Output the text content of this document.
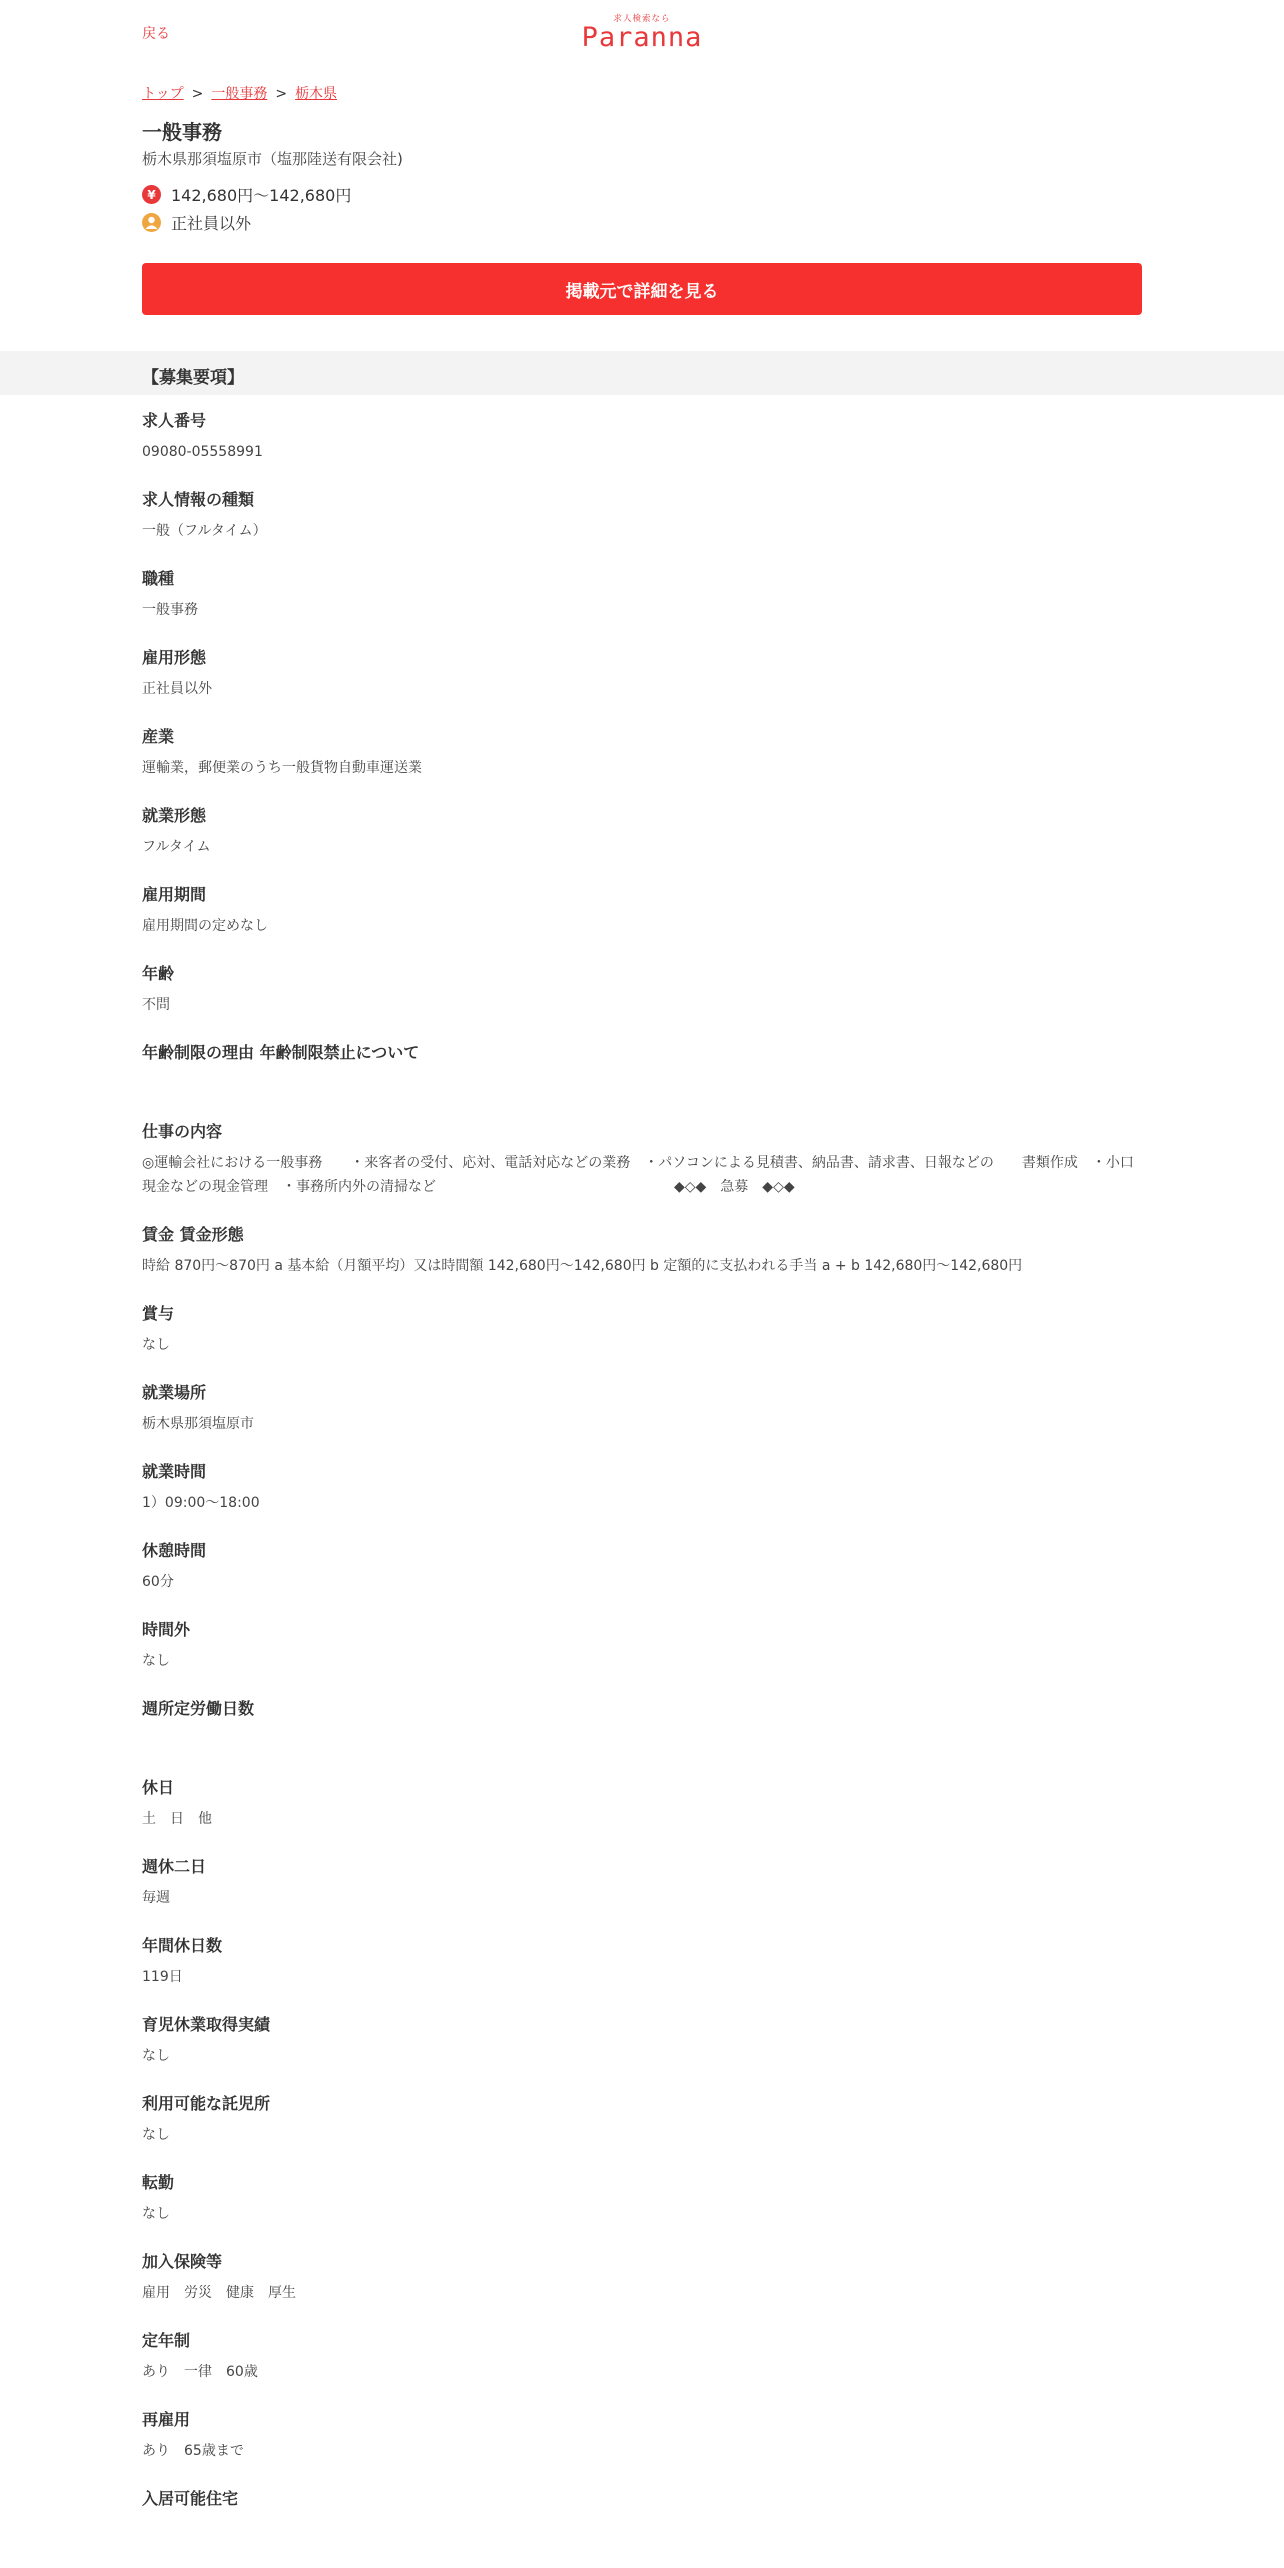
戻る
求人検索なら
Paranna
トップ > 一般事務 > 栃木県
一般事務
栃木県那須塩原市（塩那陸送有限会社)
¥ 142,680円～142,680円
正社員以外
掲載元で詳細を見る
【募集要項】
求人番号
09080-05558991
求人情報の種類
一般（フルタイム）
職種
一般事務
雇用形態
正社員以外
産業
運輸業，郵便業のうち一般貨物自動車運送業
就業形態
フルタイム
雇用期間
雇用期間の定めなし
年齢
不問
年齢制限の理由 年齢制限禁止について
仕事の内容
◎運輸会社における一般事務　　・来客者の受付、応対、電話対応などの業務　・パソコンによる見積書、納品書、請求書、日報などの　　書類作成　・小口現金などの現金管理　・事務所内外の清掃など　　　　　　　　　　　　　　　　　◆◇◆　急募　◆◇◆
賃金 賃金形態
時給 870円～870円 a 基本給（月額平均）又は時間額 142,680円～142,680円 b 定額的に支払われる手当 a + b 142,680円～142,680円
賞与
なし
就業場所
栃木県那須塩原市
就業時間
1）09:00～18:00
休憩時間
60分
時間外
なし
週所定労働日数
休日
土　日　他
週休二日
毎週
年間休日数
119日
育児休業取得実績
なし
利用可能な託児所
なし
転勤
なし
加入保険等
雇用　労災　健康　厚生
定年制
あり　一律　60歳
再雇用
あり　65歳まで
入居可能住宅
